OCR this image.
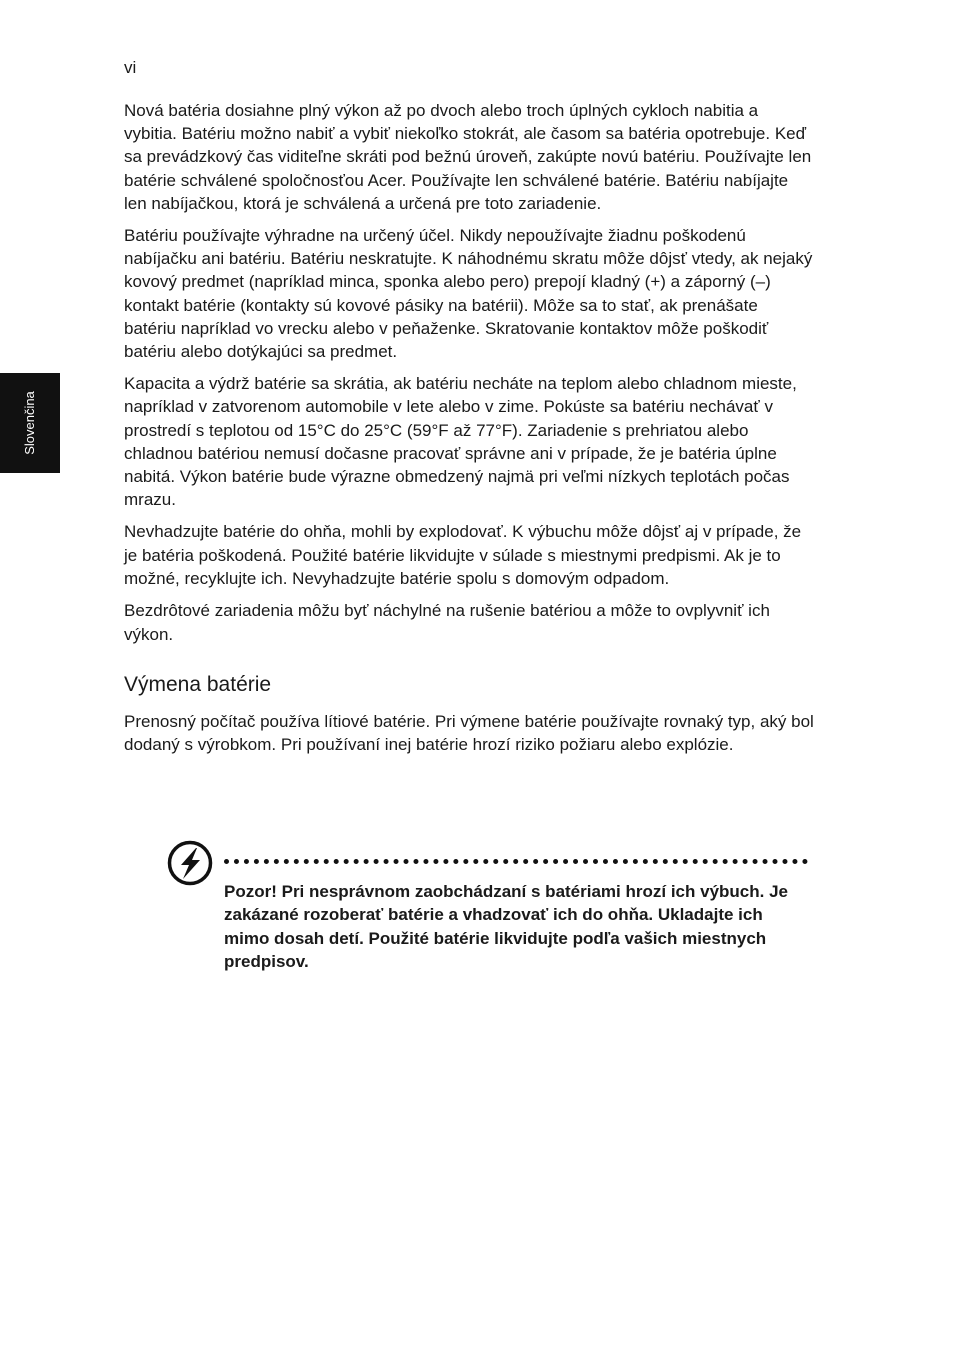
vi
Slovenčina

Nová batéria dosiahne plný výkon až po dvoch alebo troch úplných cykloch nabitia a vybitia. Batériu možno nabiť a vybiť niekoľko stokrát, ale časom sa batéria opotrebuje. Keď sa prevádzkový čas viditeľne skráti pod bežnú úroveň, zakúpte novú batériu. Používajte len batérie schválené spoločnosťou Acer. Používajte len schválené batérie. Batériu nabíjajte len nabíjačkou, ktorá je schválená a určená pre toto zariadenie.

Batériu používajte výhradne na určený účel. Nikdy nepoužívajte žiadnu poškodenú nabíjačku ani batériu. Batériu neskratujte. K náhodnému skratu môže dôjsť vtedy, ak nejaký kovový predmet (napríklad minca, sponka alebo pero) prepojí kladný (+) a záporný (–) kontakt batérie (kontakty sú kovové pásiky na batérii). Môže sa to stať, ak prenášate batériu napríklad vo vrecku alebo v peňaženke. Skratovanie kontaktov môže poškodiť batériu alebo dotýkajúci sa predmet.

Kapacita a výdrž batérie sa skrátia, ak batériu necháte na teplom alebo chladnom mieste, napríklad v zatvorenom automobile v lete alebo v zime. Pokúste sa batériu nechávať v prostredí s teplotou od 15°C do 25°C (59°F až 77°F). Zariadenie s prehriatou alebo chladnou batériou nemusí dočasne pracovať správne ani v prípade, že je batéria úplne nabitá. Výkon batérie bude výrazne obmedzený najmä pri veľmi nízkych teplotách počas mrazu.

Nevhadzujte batérie do ohňa, mohli by explodovať. K výbuchu môže dôjsť aj v prípade, že je batéria poškodená. Použité batérie likvidujte v súlade s miestnymi predpismi. Ak je to možné, recyklujte ich. Nevyhadzujte batérie spolu s domovým odpadom.

Bezdrôtové zariadenia môžu byť náchylné na rušenie batériou a môže to ovplyvniť ich výkon.

Výmena batérie

Prenosný počítač používa lítiové batérie. Pri výmene batérie používajte rovnaký typ, aký bol dodaný s výrobkom. Pri používaní inej batérie hrozí riziko požiaru alebo explózie.

Pozor! Pri nesprávnom zaobchádzaní s batériami hrozí ich výbuch. Je zakázané rozoberať batérie a vhadzovať ich do ohňa. Ukladajte ich mimo dosah detí. Použité batérie likvidujte podľa vašich miestnych predpisov.
